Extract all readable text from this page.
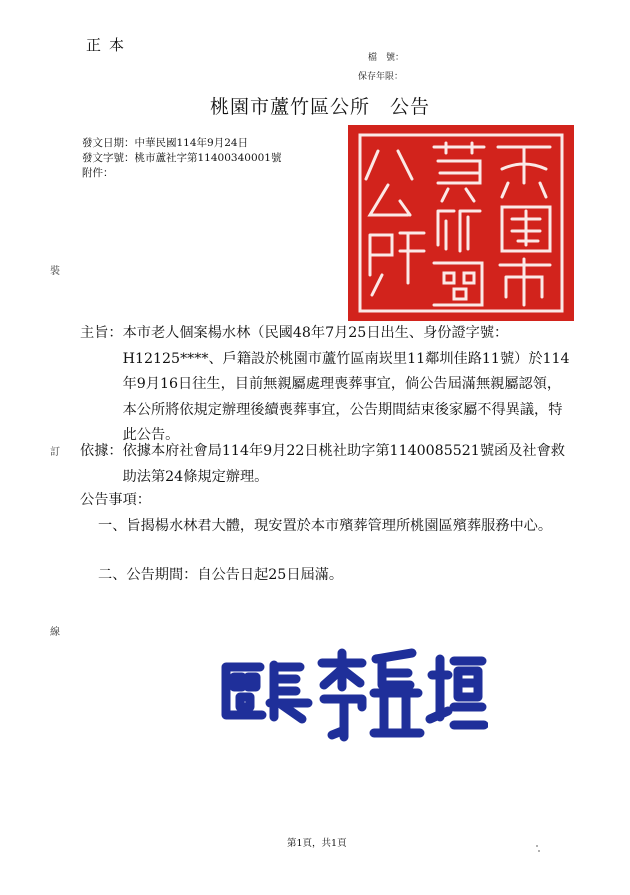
正本
檔　號：
保存年限：
桃園市蘆竹區公所　公告
發文日期：中華民國114年9月24日
發文字號：桃市蘆社字第11400340001號
附件：
裝
訂
線
主旨： 本市老人個案楊水林（民國48年7月25日出生、身份證字號：H12125****、戶籍設於桃園市蘆竹區南崁里11鄰圳佳路11號）於114年9月16日往生，目前無親屬處理喪葬事宜，倘公告屆滿無親屬認領，本公所將依規定辦理後續喪葬事宜，公告期間結束後家屬不得異議，特此公告。
依據： 依據本府社會局114年9月22日桃社助字第1140085521號函及社會救助法第24條規定辦理。
公告事項：
一、 旨揭楊水林君大體，現安置於本市殯葬管理所桃園區殯葬服務中心。
二、 公告期間：自公告日起25日屆滿。
第1頁，共1頁
